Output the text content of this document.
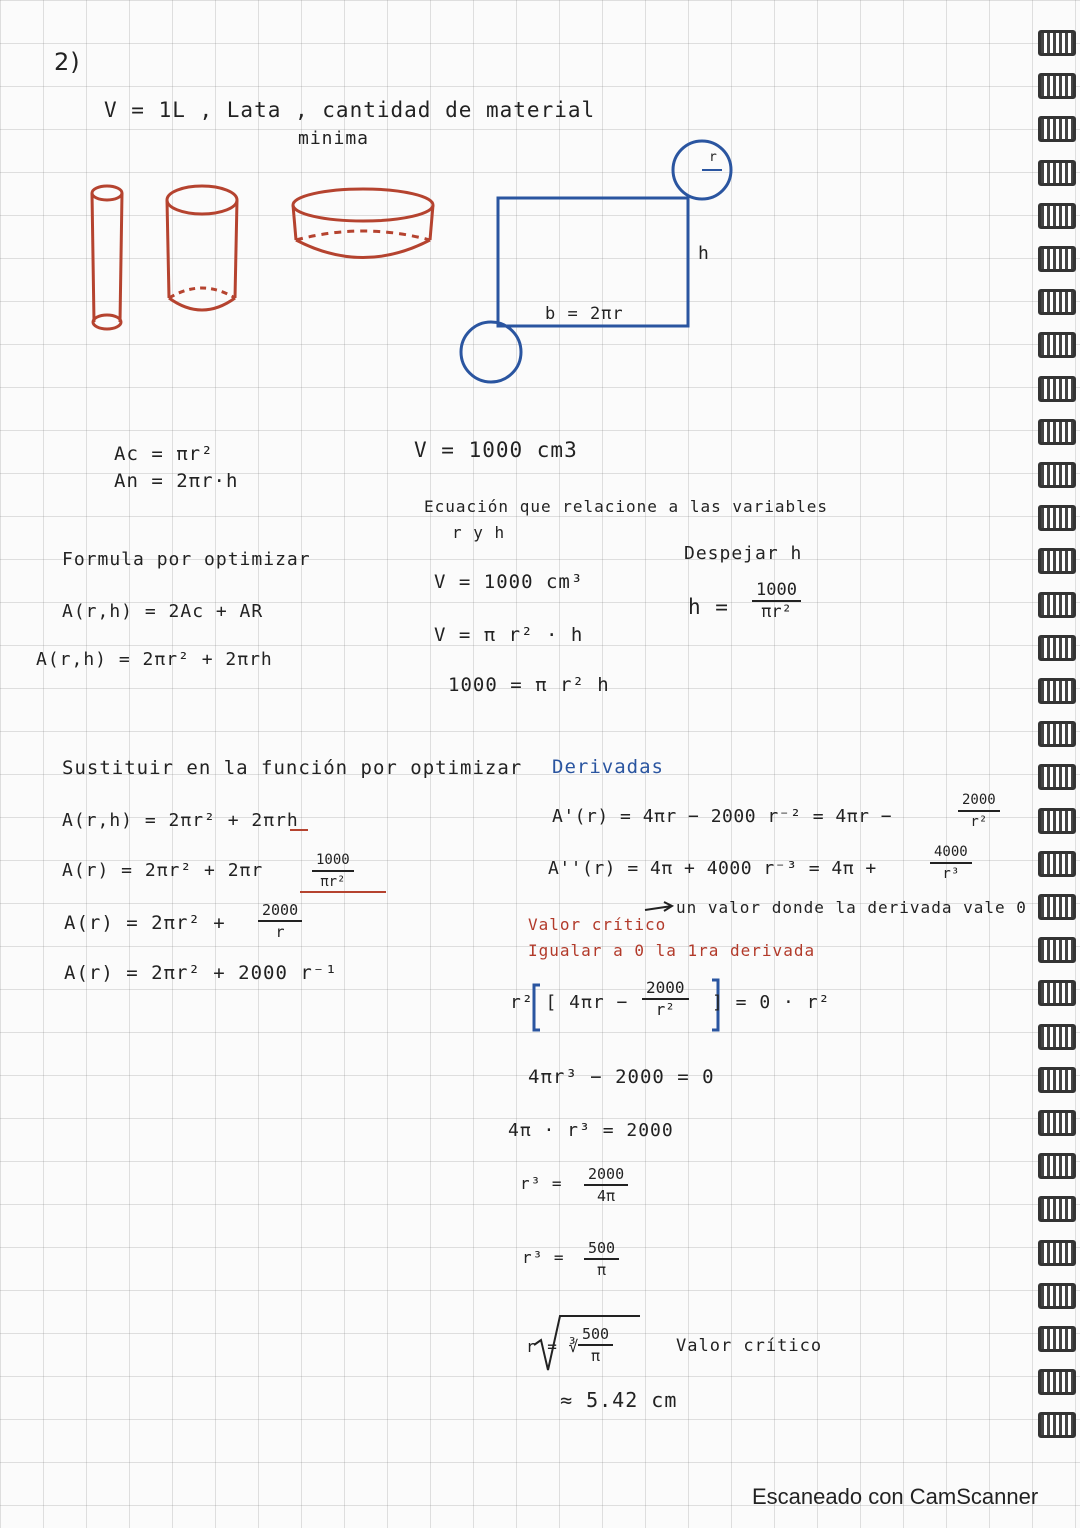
2)
V = 1L , Lata , cantidad de material
minima
r
h
b = 2πr
Ac = πr²
An = 2πr·h
V = 1000 cm3
Ecuación que relacione a las variables
r y h
V = 1000 cm³
V = π r² · h
1000 = π r² h
Despejar h
$h = \frac{1000}{\text{πr²}}$
Formula por optimizar
A(r,h) = 2Ac + AR
A(r,h) = 2πr² + 2πrh
Sustituir en la función por optimizar
A(r,h) = 2πr² + 2πrh
A(r) = 2πr² + 2πr	$\frac{1000}{\text{πr²}}$
$A(r) = 2\pi r^2 + \frac{2000}{r}$
A(r) = 2πr² + 2000 r⁻¹
Derivadas
A'(r) = 4πr − 2000 r⁻² = 4πr −	$\frac{2000}{\text{r²}}$
A''(r) = 4π + 4000 r⁻³ = 4π +	$\frac{4000}{\text{r³}}$
un valor donde la derivada vale 0
Valor crítico
Igualar a 0 la 1ra derivada
r² [ $4\pi r - \frac{2000}{\text{r²}}$ ] = 0 · r²
4πr³ − 2000 = 0
4π · r³ = 2000
$r^3 = \frac{2000}{4\pi}$
$r^3 = \frac{500}{\pi}$
r = ∛
$\frac{500}{\pi}$	Valor crítico
≈ 5.42 cm
Escaneado con CamScanner
